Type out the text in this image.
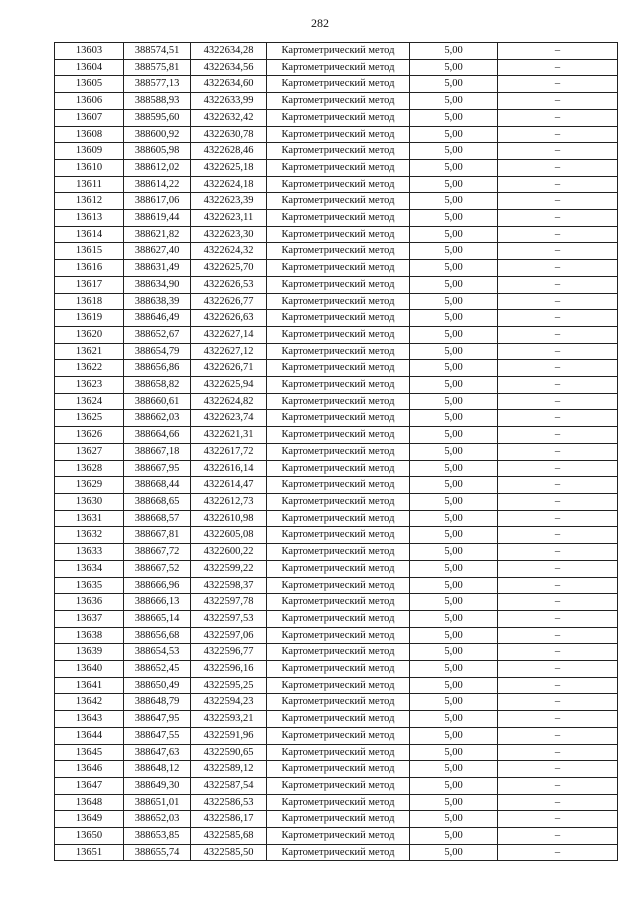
282
13603	388574,51	4322634,28	Картометрический метод	5,00	–
13604	388575,81	4322634,56	Картометрический метод	5,00	–
13605	388577,13	4322634,60	Картометрический метод	5,00	–
13606	388588,93	4322633,99	Картометрический метод	5,00	–
13607	388595,60	4322632,42	Картометрический метод	5,00	–
13608	388600,92	4322630,78	Картометрический метод	5,00	–
13609	388605,98	4322628,46	Картометрический метод	5,00	–
13610	388612,02	4322625,18	Картометрический метод	5,00	–
13611	388614,22	4322624,18	Картометрический метод	5,00	–
13612	388617,06	4322623,39	Картометрический метод	5,00	–
13613	388619,44	4322623,11	Картометрический метод	5,00	–
13614	388621,82	4322623,30	Картометрический метод	5,00	–
13615	388627,40	4322624,32	Картометрический метод	5,00	–
13616	388631,49	4322625,70	Картометрический метод	5,00	–
13617	388634,90	4322626,53	Картометрический метод	5,00	–
13618	388638,39	4322626,77	Картометрический метод	5,00	–
13619	388646,49	4322626,63	Картометрический метод	5,00	–
13620	388652,67	4322627,14	Картометрический метод	5,00	–
13621	388654,79	4322627,12	Картометрический метод	5,00	–
13622	388656,86	4322626,71	Картометрический метод	5,00	–
13623	388658,82	4322625,94	Картометрический метод	5,00	–
13624	388660,61	4322624,82	Картометрический метод	5,00	–
13625	388662,03	4322623,74	Картометрический метод	5,00	–
13626	388664,66	4322621,31	Картометрический метод	5,00	–
13627	388667,18	4322617,72	Картометрический метод	5,00	–
13628	388667,95	4322616,14	Картометрический метод	5,00	–
13629	388668,44	4322614,47	Картометрический метод	5,00	–
13630	388668,65	4322612,73	Картометрический метод	5,00	–
13631	388668,57	4322610,98	Картометрический метод	5,00	–
13632	388667,81	4322605,08	Картометрический метод	5,00	–
13633	388667,72	4322600,22	Картометрический метод	5,00	–
13634	388667,52	4322599,22	Картометрический метод	5,00	–
13635	388666,96	4322598,37	Картометрический метод	5,00	–
13636	388666,13	4322597,78	Картометрический метод	5,00	–
13637	388665,14	4322597,53	Картометрический метод	5,00	–
13638	388656,68	4322597,06	Картометрический метод	5,00	–
13639	388654,53	4322596,77	Картометрический метод	5,00	–
13640	388652,45	4322596,16	Картометрический метод	5,00	–
13641	388650,49	4322595,25	Картометрический метод	5,00	–
13642	388648,79	4322594,23	Картометрический метод	5,00	–
13643	388647,95	4322593,21	Картометрический метод	5,00	–
13644	388647,55	4322591,96	Картометрический метод	5,00	–
13645	388647,63	4322590,65	Картометрический метод	5,00	–
13646	388648,12	4322589,12	Картометрический метод	5,00	–
13647	388649,30	4322587,54	Картометрический метод	5,00	–
13648	388651,01	4322586,53	Картометрический метод	5,00	–
13649	388652,03	4322586,17	Картометрический метод	5,00	–
13650	388653,85	4322585,68	Картометрический метод	5,00	–
13651	388655,74	4322585,50	Картометрический метод	5,00	–
